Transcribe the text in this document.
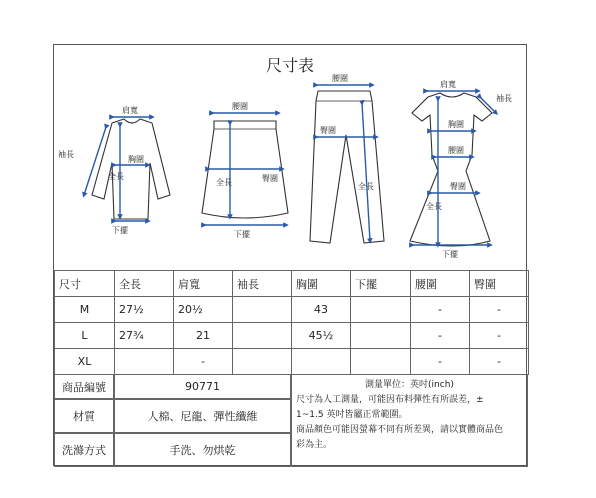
尺寸表
肩寬
胸圍
下擺
全長
袖長
腰圍
臀圍
全長
下擺
腰圍
臀圍
全長
肩寬
袖長
胸圍
腰圍
臀圍
全長
下擺
尺寸	全長	肩寬	袖長	胸圍	下擺	腰圍	臀圍
M	27½	20½		43		-	-
L	27¾	21		45½		-	-
XL		-				-	-
商品編號	90771
材質	人棉、尼龍、彈性纖維
洗滌方式	手洗、勿烘乾
測量單位：英吋(inch)
尺寸為人工測量，可能因布料彈性有所誤差，±
1~1.5 英吋皆屬正常範圍。
商品顏色可能因螢幕不同有所差異，請以實體商品色
彩為主。
